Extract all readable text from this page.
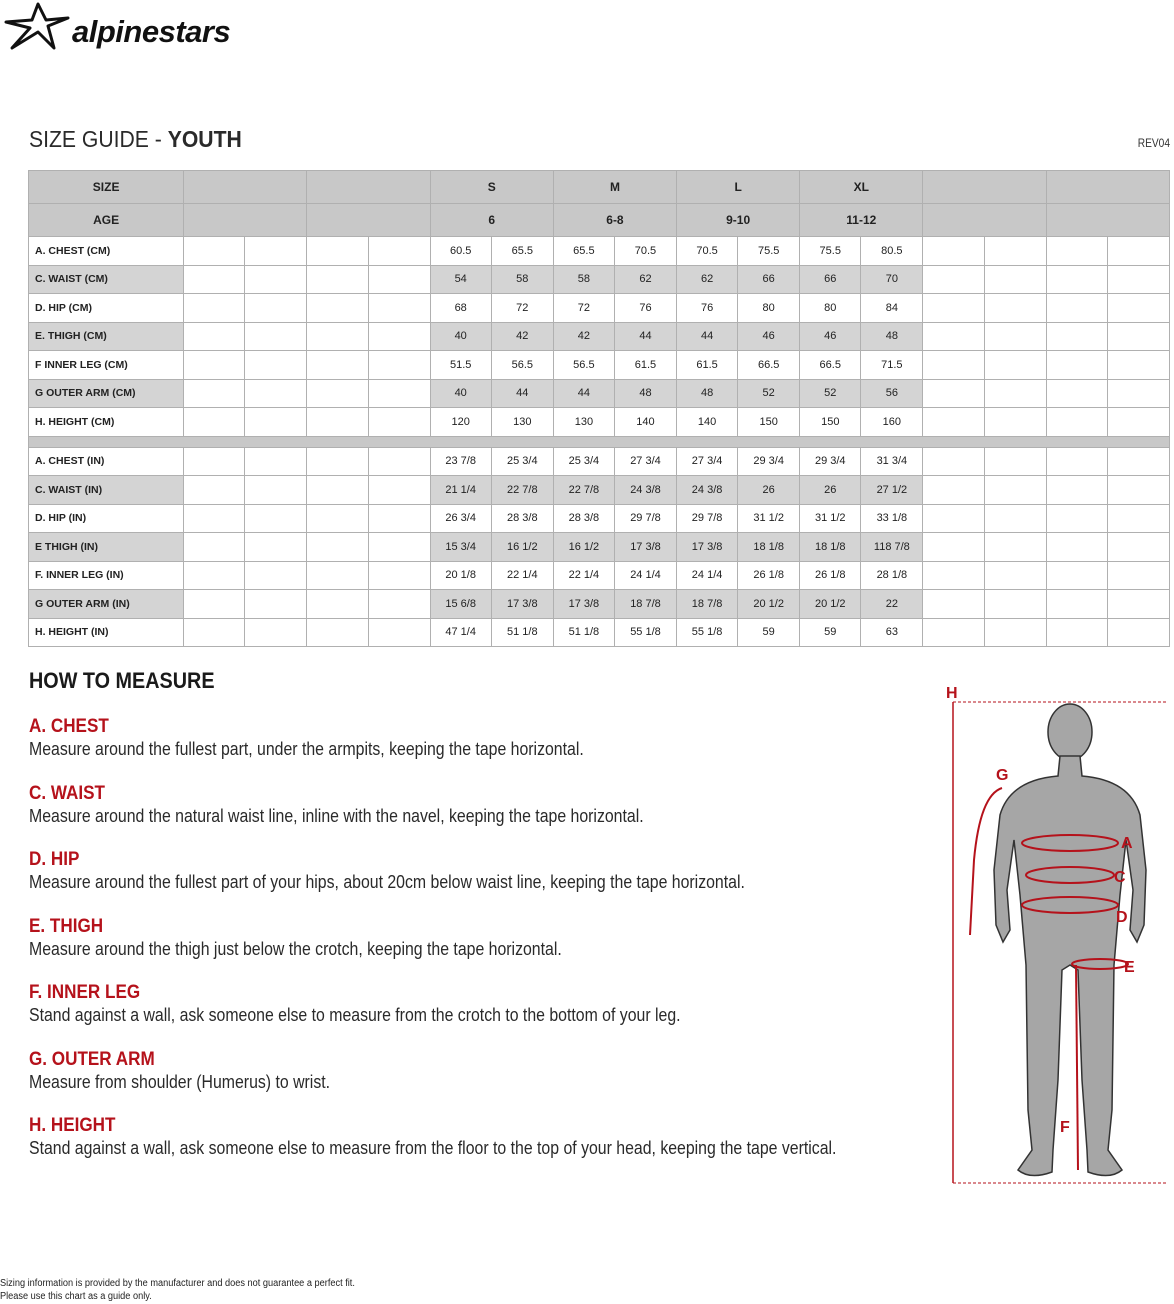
alpinestars
SIZE GUIDE - YOUTH	REV04
SIZE					S		M		L		XL					
AGE					6		6-8		9-10		11-12					
A. CHEST (CM)					60.5	65.5	65.5	70.5	70.5	75.5	75.5	80.5				
C. WAIST (CM)					54	58	58	62	62	66	66	70				
D. HIP (CM)					68	72	72	76	76	80	80	84				
E. THIGH (CM)					40	42	42	44	44	46	46	48				
F INNER LEG (CM)					51.5	56.5	56.5	61.5	61.5	66.5	66.5	71.5				
G OUTER ARM (CM)					40	44	44	48	48	52	52	56				
H. HEIGHT (CM)					120	130	130	140	140	150	150	160				

A. CHEST (IN)					23 7/8	25 3/4	25 3/4	27 3/4	27 3/4	29 3/4	29 3/4	31 3/4				
C. WAIST (IN)					21 1/4	22 7/8	22 7/8	24 3/8	24 3/8	26	26	27 1/2				
D. HIP (IN)					26 3/4	28 3/8	28 3/8	29 7/8	29 7/8	31 1/2	31 1/2	33 1/8				
E THIGH (IN)					15 3/4	16 1/2	16 1/2	17 3/8	17 3/8	18 1/8	18 1/8	118 7/8				
F. INNER LEG (IN)					20 1/8	22 1/4	22 1/4	24 1/4	24 1/4	26 1/8	26 1/8	28 1/8				
G OUTER ARM (IN)					15 6/8	17 3/8	17 3/8	18 7/8	18 7/8	20 1/2	20 1/2	22				
H. HEIGHT (IN)					47 1/4	51 1/8	51 1/8	55 1/8	55 1/8	59	59	63				
HOW TO MEASURE
A. CHEST
Measure around the fullest part, under the armpits, keeping the tape horizontal.
C. WAIST
Measure around the natural waist line, inline with the navel, keeping the tape horizontal.
D. HIP
Measure around the fullest part of your hips, about 20cm below waist line, keeping the tape horizontal.
E. THIGH
Measure around the thigh just below the crotch, keeping the tape horizontal.
F. INNER LEG
Stand against a wall, ask someone else to measure from the crotch to the bottom of your leg.
G. OUTER ARM
Measure from shoulder (Humerus) to wrist.
H. HEIGHT
Stand against a wall, ask someone else to measure from the floor to the top of your head, keeping the tape vertical.
H
G
A
C
D
E
F
Sizing information is provided by the manufacturer and does not guarantee a perfect fit.
Please use this chart as a guide only.
